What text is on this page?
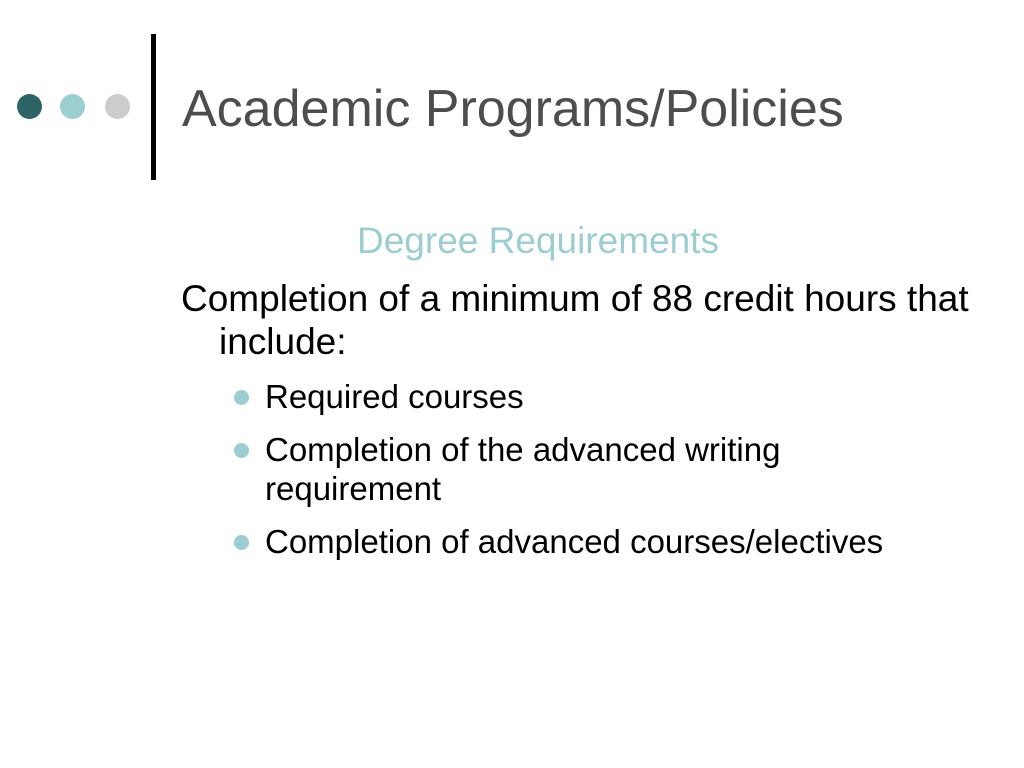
Academic Programs/Policies
Degree Requirements

Completion of a minimum of 88 credit hours that include:

Required courses
Completion of the advanced writing requirement
Completion of advanced courses/electives
